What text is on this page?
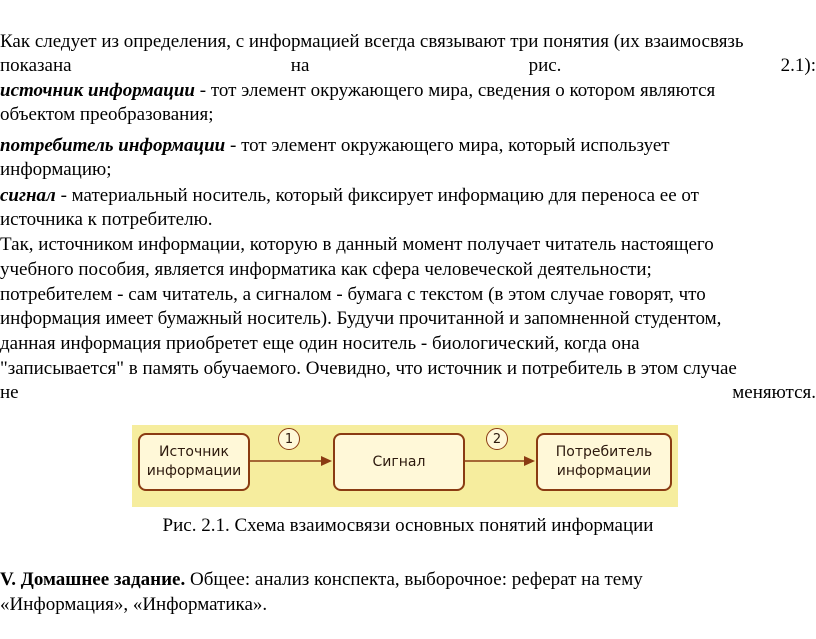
Как следует из определения, с информацией всегда связывают три понятия (их взаимосвязь
показана	на	рис.	2.1):
источник информации - тот элемент окружающего мира, сведения о котором являются
объектом преобразования;
потребитель информации - тот элемент окружающего мира, который использует
информацию;
сигнал - материальный носитель, который фиксирует информацию для переноса ее от
источника к потребителю.
Так, источником информации, которую в данный момент получает читатель настоящего
учебного пособия, является информатика как сфера человеческой деятельности;
потребителем - сам читатель, а сигналом - бумага с текстом (в этом случае говорят, что
информация имеет бумажный носитель). Будучи прочитанной и запомненной студентом,
данная информация приобретет еще один носитель - биологический, когда она
"записывается" в память обучаемого. Очевидно, что источник и потребитель в этом случае
не	меняются.
Источник
информации
Сигнал
Потребитель
информации
1	2
Рис. 2.1. Схема взаимосвязи основных понятий информации
V. Домашнее задание. Общее: анализ конспекта, выборочное: реферат на тему
«Информация», «Информатика».
